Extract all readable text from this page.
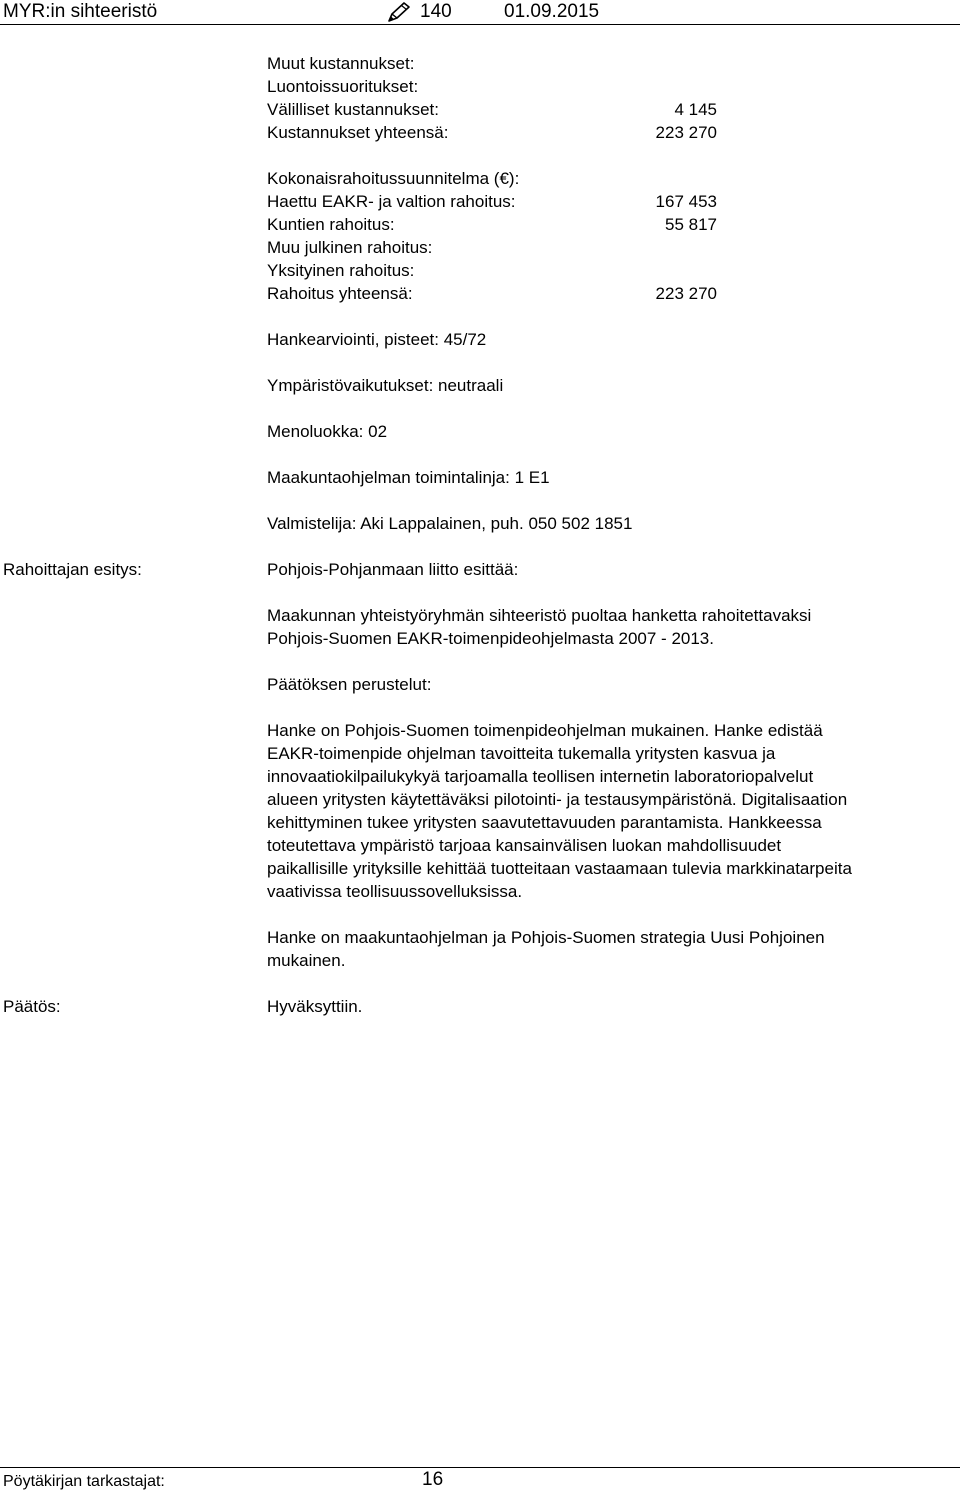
MYR:in sihteeristö	140	01.09.2015
Muut kustannukset:
Luontoissuoritukset:
Välilliset kustannukset:	4 145
Kustannukset yhteensä:	223 270
Kokonaisrahoitussuunnitelma (€):
Haettu EAKR- ja valtion rahoitus:	167 453
Kuntien rahoitus:	55 817
Muu julkinen rahoitus:
Yksityinen rahoitus:
Rahoitus yhteensä:	223 270
Hankearviointi, pisteet: 45/72
Ympäristövaikutukset: neutraali
Menoluokka: 02
Maakuntaohjelman toimintalinja: 1 E1
Valmistelija: Aki Lappalainen, puh. 050 502 1851
Rahoittajan esitys:	Pohjois-Pohjanmaan liitto esittää:
Maakunnan yhteistyöryhmän sihteeristö puoltaa hanketta rahoitettavaksi
Pohjois-Suomen EAKR-toimenpideohjelmasta 2007 - 2013.
Päätöksen perustelut:
Hanke on Pohjois-Suomen toimenpideohjelman mukainen. Hanke edistää
EAKR-toimenpide ohjelman tavoitteita tukemalla yritysten kasvua ja
innovaatiokilpailukykyä tarjoamalla teollisen internetin laboratoriopalvelut
alueen yritysten käytettäväksi pilotointi- ja testausympäristönä. Digitalisaation
kehittyminen tukee yritysten saavutettavuuden parantamista. Hankkeessa
toteutettava ympäristö tarjoaa kansainvälisen luokan mahdollisuudet
paikallisille yrityksille kehittää tuotteitaan vastaamaan tulevia markkinatarpeita
vaativissa teollisuussovelluksissa.
Hanke on maakuntaohjelman ja Pohjois-Suomen strategia Uusi Pohjoinen
mukainen.
Päätös:	Hyväksyttiin.
Pöytäkirjan tarkastajat:	16
